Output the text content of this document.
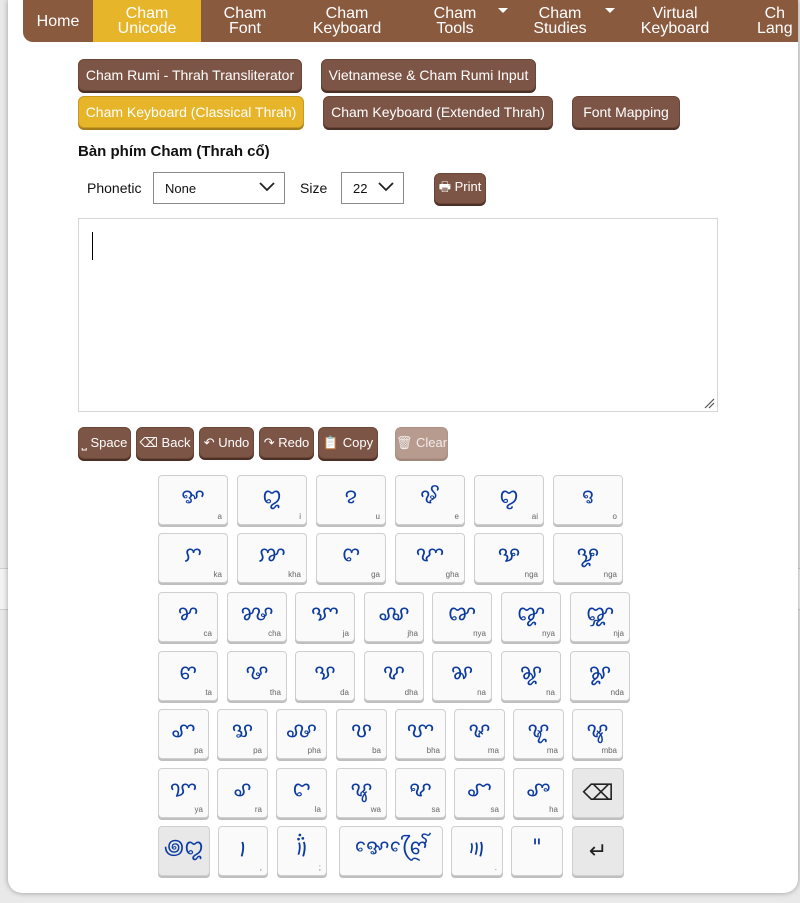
Home	Cham
Unicode
Cham
Font
Cham
Keyboard
Cham
Tools
Cham
Studies
Virtual
Keyboard
Ch
Lang
Cham Rumi - Thrah Transliterator	Vietnamese & Cham Rumi Input
Cham Keyboard (Classical Thrah)	Cham Keyboard (Extended Thrah)	Font Mapping
Bàn phím Cham (Thrah cổ)
Phonetic None	Size 22	🖶 Print
⎵ Space ⌫ Back	↶ Undo	↷ Redo	📋 Copy	🗑 Clear
ꨀ
a
ꨁ
i
ꨂ
u
ꨃ
e
ꨄ
ai
ꨅ
o
ꨆ
ka
ꨇ
kha
ꨈ
ga
ꨉ
gha
ꨊ
nga
ꨋ
nga
ꨌ
ca
ꨍ
cha
ꨎ
ja
ꨏ
jha
ꨐ
nya
ꨑ
nya
ꨒ
nja
ꨓ
ta
ꨔ
tha
ꨕ
da
ꨖ
dha
ꨗ
na
ꨘ
na
ꨙ
nda
ꨚ
pa
ꨛ
pa
ꨜ
pha
ꨝ
ba
ꨞ
bha
ꨟ
ma
ꨠ
ma
ꨡ
mba
ꨢ
ya
ꨣ
ra
ꨤ
la
ꨥ
wa
ꨦ
sa
ꨧ
sa
ꨨ
ha
⌫
꩜ꨁ	꩝
,
꩞
;
ꨀꨯꨓꨴꨯꨱ	꩟
.
"	↵
